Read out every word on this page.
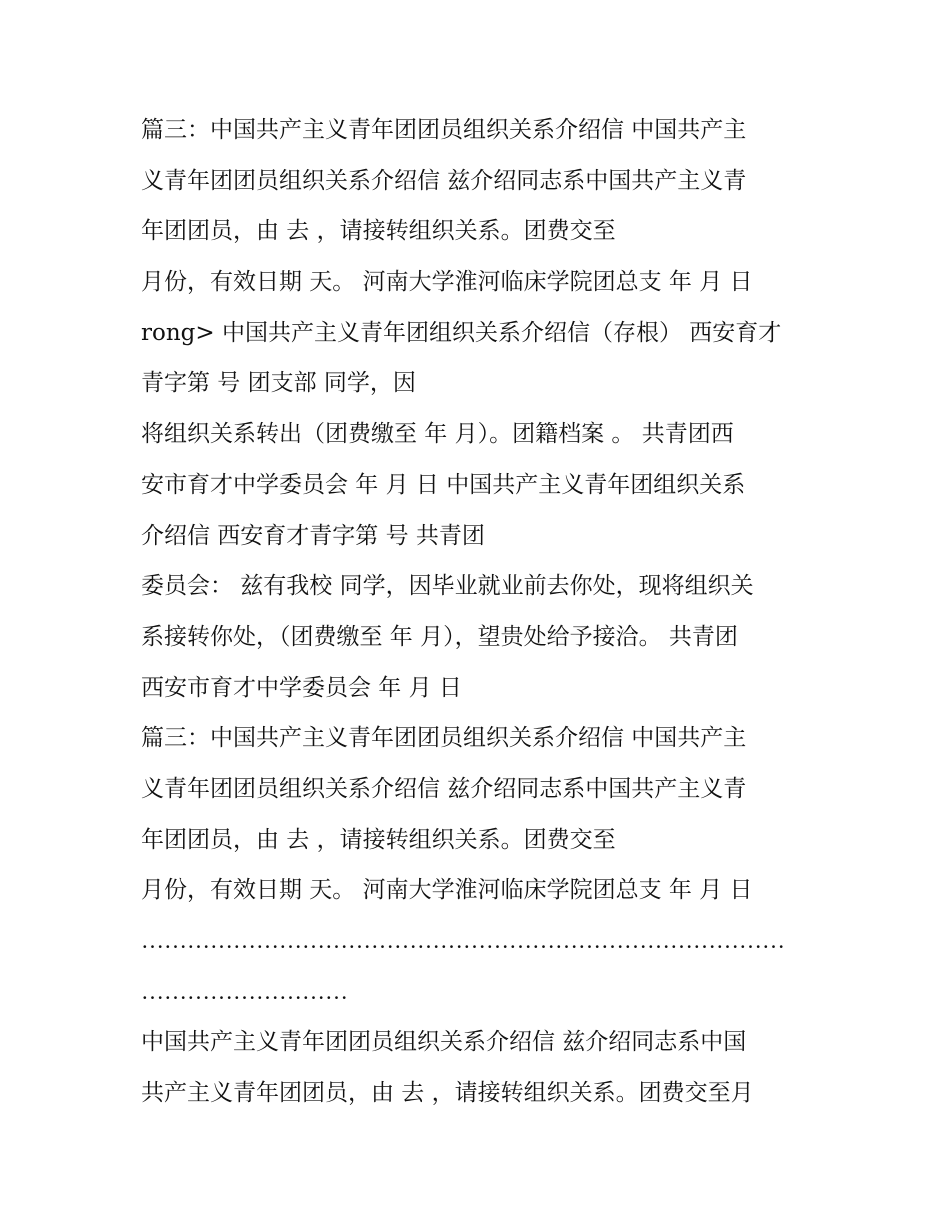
篇三：中国共产主义青年团团员组织关系介绍信 中国共产主
义青年团团员组织关系介绍信 兹介绍同志系中国共产主义青
年团团员，由 去 ，请接转组织关系。团费交至
月份，有效日期 天。 河南大学淮河临床学院团总支 年 月 日
rong> 中国共产主义青年团组织关系介绍信（存根） 西安育才
青字第 号 团支部 同学，因
将组织关系转出（团费缴至 年 月）。团籍档案 。 共青团西
安市育才中学委员会 年 月 日 中国共产主义青年团组织关系
介绍信 西安育才青字第 号 共青团
委员会： 兹有我校 同学，因毕业就业前去你处，现将组织关
系接转你处，（团费缴至 年 月），望贵处给予接洽。 共青团
西安市育才中学委员会 年 月 日
篇三：中国共产主义青年团团员组织关系介绍信 中国共产主
义青年团团员组织关系介绍信 兹介绍同志系中国共产主义青
年团团员，由 去 ，请接转组织关系。团费交至
月份，有效日期 天。 河南大学淮河临床学院团总支 年 月 日
…………………………………………………………………………
………………………
中国共产主义青年团团员组织关系介绍信 兹介绍同志系中国
共产主义青年团团员，由 去 ，请接转组织关系。团费交至月
